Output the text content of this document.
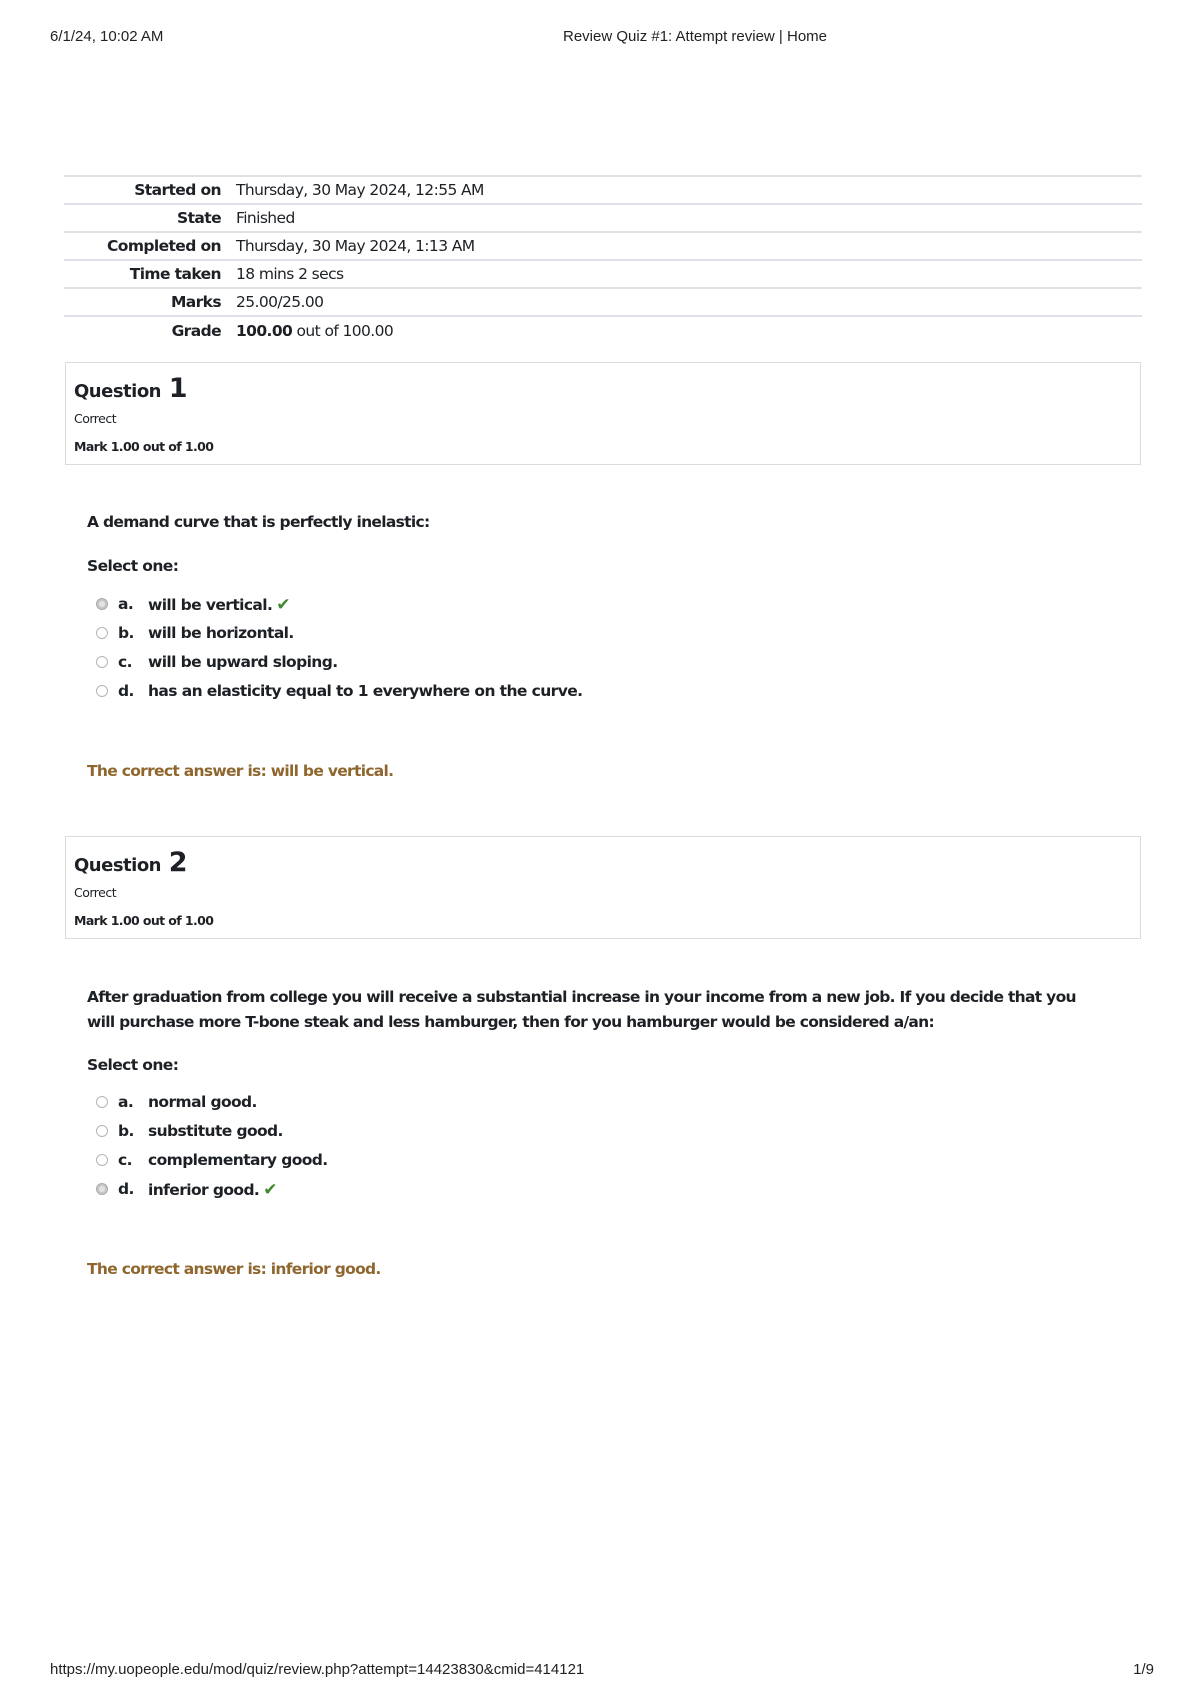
6/1/24, 10:02 AM	Review Quiz #1: Attempt review | Home
Started on	Thursday, 30 May 2024, 12:55 AM
State	Finished
Completed on	Thursday, 30 May 2024, 1:13 AM
Time taken	18 mins 2 secs
Marks	25.00/25.00
Grade	100.00 out of 100.00
Question 1
Correct
Mark 1.00 out of 1.00
A demand curve that is perfectly inelastic:
Select one:
a. will be vertical. ✔
b. will be horizontal.
c. will be upward sloping.
d. has an elasticity equal to 1 everywhere on the curve.
The correct answer is: will be vertical.
Question 2
Correct
Mark 1.00 out of 1.00
After graduation from college you will receive a substantial increase in your income from a new job. If you decide that you will purchase more T-bone steak and less hamburger, then for you hamburger would be considered a/an:
Select one:
a. normal good.
b. substitute good.
c. complementary good.
d. inferior good. ✔
The correct answer is: inferior good.
https://my.uopeople.edu/mod/quiz/review.php?attempt=14423830&cmid=414121	1/9
